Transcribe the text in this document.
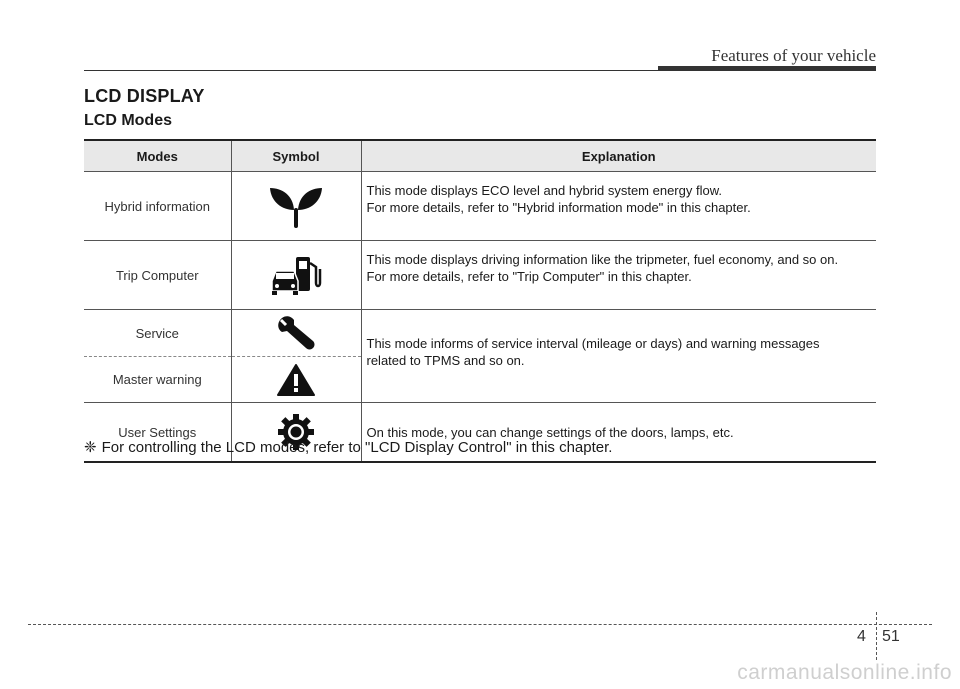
Features of your vehicle
LCD DISPLAY
LCD Modes
Modes	Symbol	Explanation
Hybrid information		This mode displays ECO level and hybrid system energy flow.
For more details, refer to "Hybrid information mode" in this chapter.

Trip Computer		This mode displays driving information like the tripmeter, fuel economy, and so on.
For more details, refer to "Trip Computer" in this chapter.

Service		This mode informs of service interval (mileage or days) and warning messages
related to TPMS and so on.

Master warning	

User Settings		On this mode, you can change settings of the doors, lamps, etc.
❈ For controlling the LCD modes, refer to "LCD Display Control" in this chapter.
4 51
carmanualsonline.info
